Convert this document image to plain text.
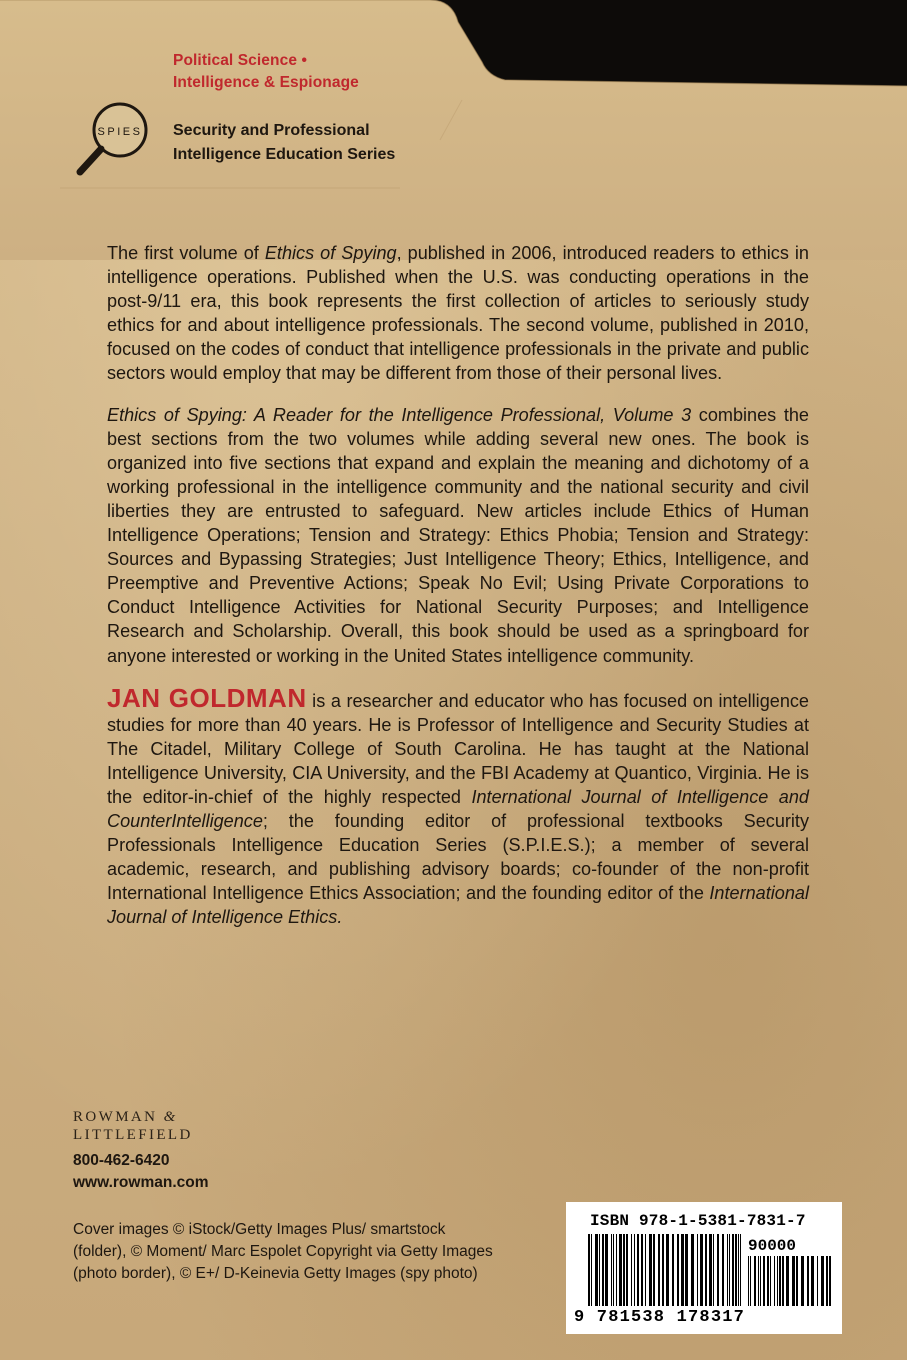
Political Science •
Intelligence & Espionage
SPIES Security and Professional
Intelligence Education Series

The first volume of Ethics of Spying, published in 2006, introduced readers to ethics in intelligence operations. Published when the U.S. was conducting operations in the post-9/11 era, this book represents the first collection of articles to seriously study ethics for and about intelligence professionals. The second volume, published in 2010, focused on the codes of conduct that intelligence professionals in the private and public sectors would employ that may be different from those of their personal lives.

Ethics of Spying: A Reader for the Intelligence Professional, Volume 3 combines the best sections from the two volumes while adding several new ones. The book is organized into five sections that expand and explain the meaning and dichotomy of a working professional in the intelligence community and the national security and civil liberties they are entrusted to safeguard. New articles include Ethics of Human Intelligence Operations; Tension and Strategy: Ethics Phobia; Tension and Strategy: Sources and Bypassing Strategies; Just Intelligence Theory; Ethics, Intelligence, and Preemptive and Preventive Actions; Speak No Evil; Using Private Corporations to Conduct Intelligence Activities for National Security Purposes; and Intelligence Research and Scholarship. Overall, this book should be used as a springboard for anyone interested or working in the United States intelligence community.

JAN GOLDMAN is a researcher and educator who has focused on intelligence studies for more than 40 years. He is Professor of Intelligence and Security Studies at The Citadel, Military College of South Carolina. He has taught at the National Intelligence University, CIA University, and the FBI Academy at Quantico, Virginia. He is the editor-in-chief of the highly respected International Journal of Intelligence and CounterIntelligence; the founding editor of professional textbooks Security Professionals Intelligence Education Series (S.P.I.E.S.); a member of several academic, research, and publishing advisory boards; co-founder of the non-profit International Intelligence Ethics Association; and the founding editor of the International Journal of Intelligence Ethics.

ROWMAN &
LITTLEFIELD
800-462-6420
www.rowman.com
Cover images © iStock/Getty Images Plus/ smartstock (folder), © Moment/ Marc Espolet Copyright via Getty Images (photo border), © E+/ D-Keinevia Getty Images (spy photo)
ISBN 978-1-5381-7831-7
90000
9 781538 178317
